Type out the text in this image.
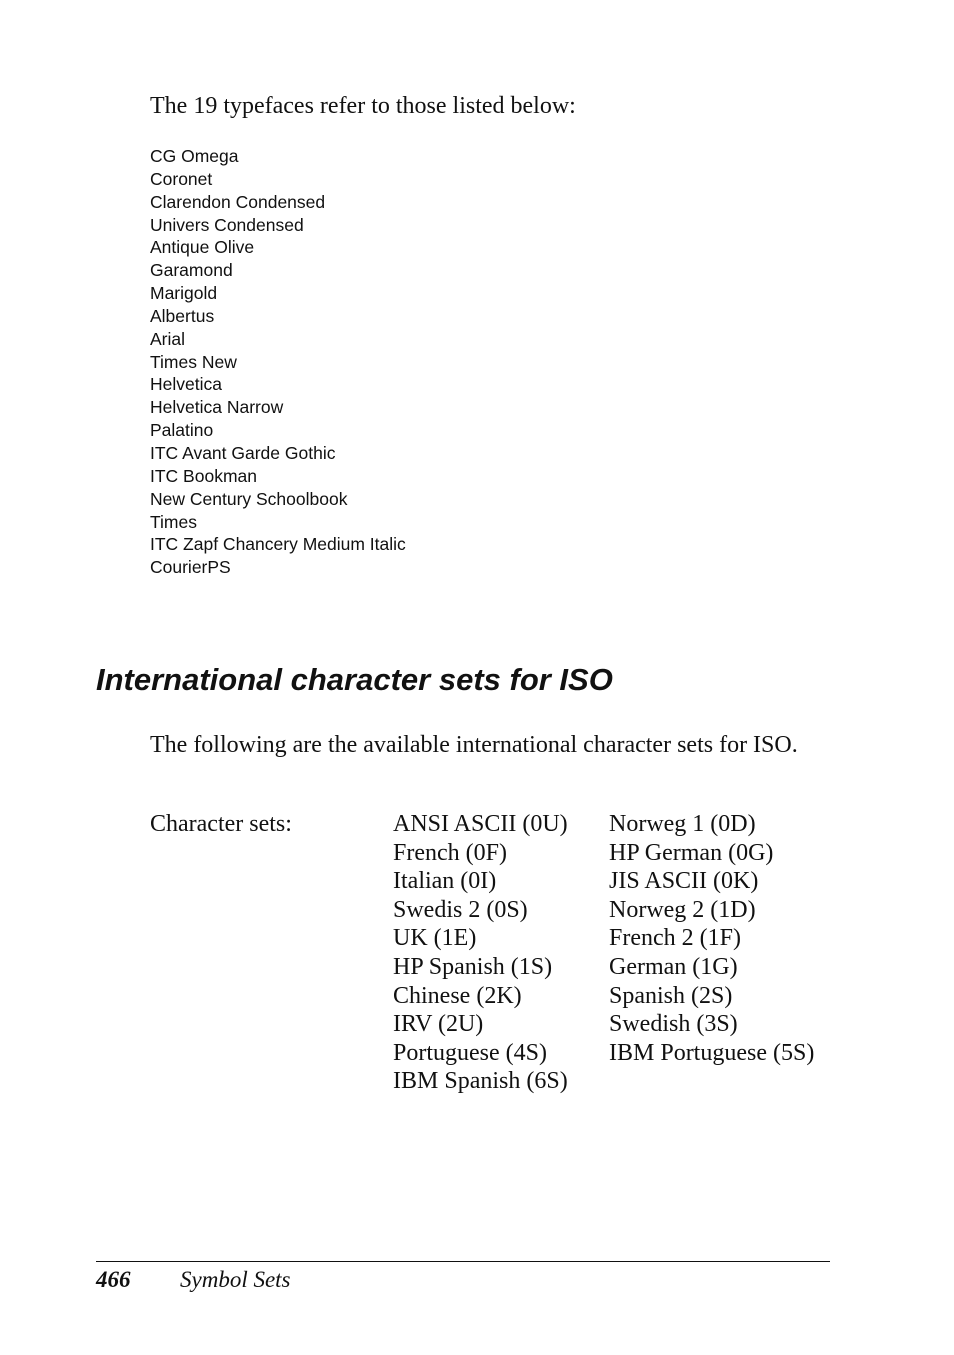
The 19 typefaces refer to those listed below:

CG Omega
Coronet
Clarendon Condensed
Univers Condensed
Antique Olive
Garamond
Marigold
Albertus
Arial
Times New
Helvetica
Helvetica Narrow
Palatino
ITC Avant Garde Gothic
ITC Bookman
New Century Schoolbook
Times
ITC Zapf Chancery Medium Italic
CourierPS
International character sets for ISO

The following are the available international character sets for ISO.

Character sets:	ANSI ASCII (0U)
French (0F)
Italian (0I)
Swedis 2 (0S)
UK (1E)
HP Spanish (1S)
Chinese (2K)
IRV (2U)
Portuguese (4S)
IBM Spanish (6S)
Norweg 1 (0D)
HP German (0G)
JIS ASCII (0K)
Norweg 2 (1D)
French 2 (1F)
German (1G)
Spanish (2S)
Swedish (3S)
IBM Portuguese (5S)
466 Symbol Sets
